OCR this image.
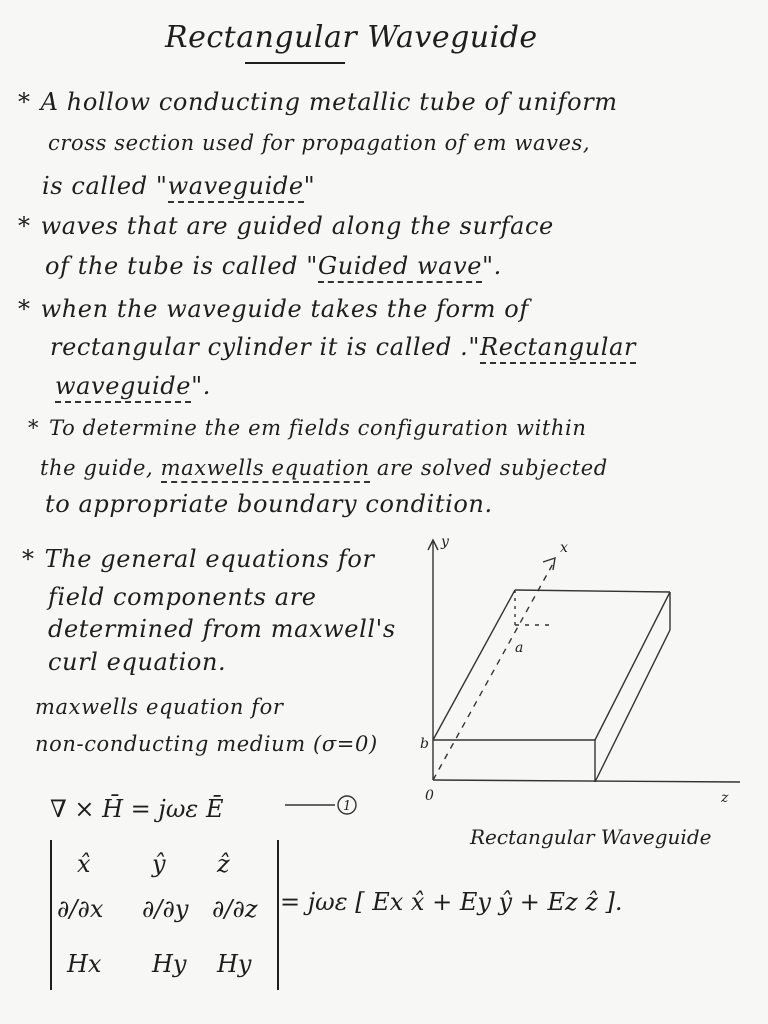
Rectangular Waveguide
* A hollow conducting metallic tube of uniform
cross section used for propagation of em waves,
is called "waveguide"
* waves that are guided along the surface
of the tube is called "Guided wave".
* when the waveguide takes the form of
rectangular cylinder it is called ."Rectangular
waveguide".
* To determine the em fields configuration within
the guide, maxwells equation are solved subjected
to appropriate boundary condition.
* The general equations for
field components are
determined from maxwell's
curl equation.
maxwells equation for
non-conducting medium (σ=0)
y	x
z
a
b
0
Rectangular Waveguide
∇ × H̄ = jωε Ē	1
x̂	ŷ ẑ
∂/∂x ∂/∂y ∂/∂z
Hx Hy Hy
= jωε [ Ex x̂ + Ey ŷ + Ez ẑ ].
